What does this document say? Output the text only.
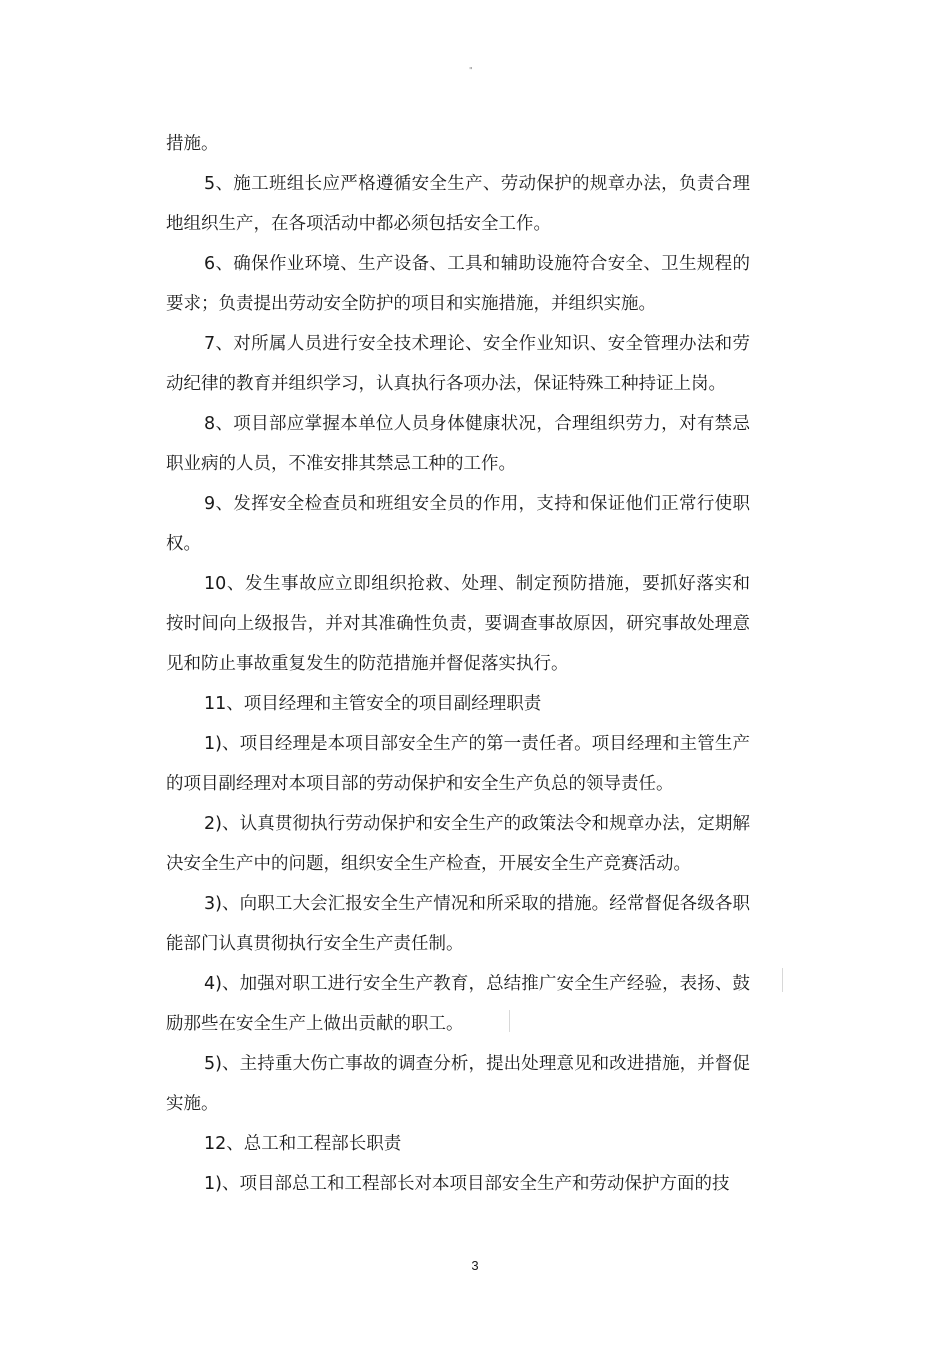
"

措施。

5、施工班组长应严格遵循安全生产、劳动保护的规章办法，负责合理地组织生产，在各项活动中都必须包括安全工作。

6、确保作业环境、生产设备、工具和辅助设施符合安全、卫生规程的要求；负责提出劳动安全防护的项目和实施措施，并组织实施。

7、对所属人员进行安全技术理论、安全作业知识、安全管理办法和劳动纪律的教育并组织学习，认真执行各项办法，保证特殊工种持证上岗。

8、项目部应掌握本单位人员身体健康状况，合理组织劳力，对有禁忌职业病的人员，不准安排其禁忌工种的工作。

9、发挥安全检查员和班组安全员的作用，支持和保证他们正常行使职权。

10、发生事故应立即组织抢救、处理、制定预防措施，要抓好落实和按时间向上级报告，并对其准确性负责，要调查事故原因，研究事故处理意见和防止事故重复发生的防范措施并督促落实执行。

11、项目经理和主管安全的项目副经理职责

1)、项目经理是本项目部安全生产的第一责任者。项目经理和主管生产的项目副经理对本项目部的劳动保护和安全生产负总的领导责任。

2)、认真贯彻执行劳动保护和安全生产的政策法令和规章办法，定期解决安全生产中的问题，组织安全生产检查，开展安全生产竞赛活动。

3)、向职工大会汇报安全生产情况和所采取的措施。经常督促各级各职能部门认真贯彻执行安全生产责任制。

4)、加强对职工进行安全生产教育，总结推广安全生产经验，表扬、鼓励那些在安全生产上做出贡献的职工。

5)、主持重大伤亡事故的调查分析，提出处理意见和改进措施，并督促实施。

12、总工和工程部长职责

1)、项目部总工和工程部长对本项目部安全生产和劳动保护方面的技

3
